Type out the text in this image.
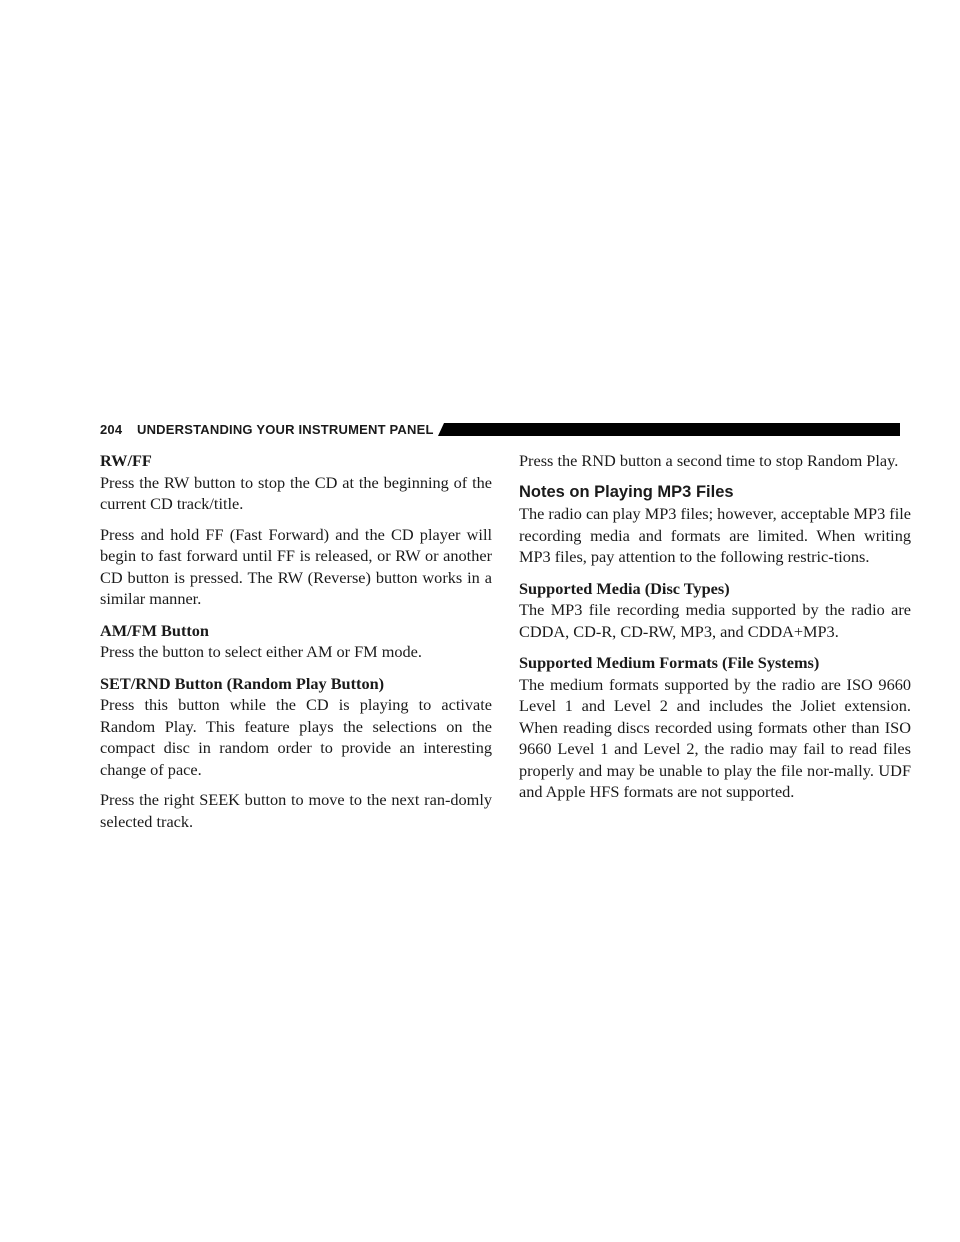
204 UNDERSTANDING YOUR INSTRUMENT PANEL
RW/FF

Press the RW button to stop the CD at the beginning of the current CD track/title.

Press and hold FF (Fast Forward) and the CD player will begin to fast forward until FF is released, or RW or another CD button is pressed. The RW (Reverse) button works in a similar manner.

AM/FM Button

Press the button to select either AM or FM mode.

SET/RND Button (Random Play Button)

Press this button while the CD is playing to activate Random Play. This feature plays the selections on the compact disc in random order to provide an interesting change of pace.

Press the right SEEK button to move to the next ran-domly selected track.

Press the RND button a second time to stop Random Play.

Notes on Playing MP3 Files

The radio can play MP3 files; however, acceptable MP3 file recording media and formats are limited. When writing MP3 files, pay attention to the following restric-tions.

Supported Media (Disc Types)

The MP3 file recording media supported by the radio are CDDA, CD-R, CD-RW, MP3, and CDDA+MP3.

Supported Medium Formats (File Systems)

The medium formats supported by the radio are ISO 9660 Level 1 and Level 2 and includes the Joliet extension. When reading discs recorded using formats other than ISO 9660 Level 1 and Level 2, the radio may fail to read files properly and may be unable to play the file nor-mally. UDF and Apple HFS formats are not supported.
